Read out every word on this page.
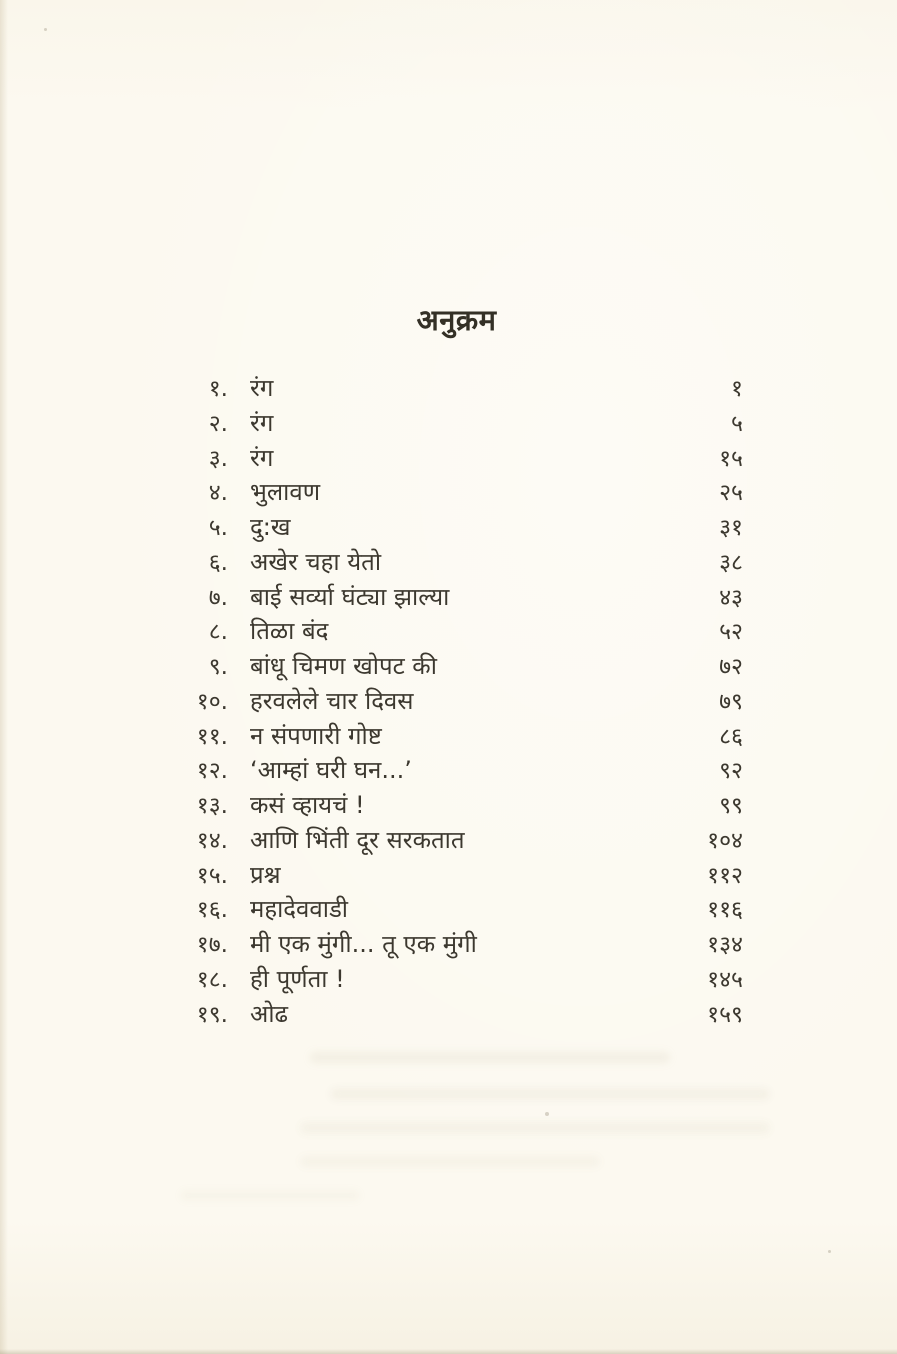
अनुक्रम
१. रंग	१
२. रंग	५
३. रंग	१५
४. भुलावण	२५
५. दु:ख	३१
६. अखेर चहा येतो	३८
७. बाई सर्व्या घंट्या झाल्या	४३
८. तिळा बंद	५२
९. बांधू चिमण खोपट की	७२
१०. हरवलेले चार दिवस	७९
११. न संपणारी गोष्ट	८६
१२. ‘आम्हां घरी घन...’	९२
१३. कसं व्हायचं !	९९
१४. आणि भिंती दूर सरकतात	१०४
१५. प्रश्न	११२
१६. महादेववाडी	११६
१७. मी एक मुंगी... तू एक मुंगी	१३४
१८. ही पूर्णता !	१४५
१९. ओढ	१५९
